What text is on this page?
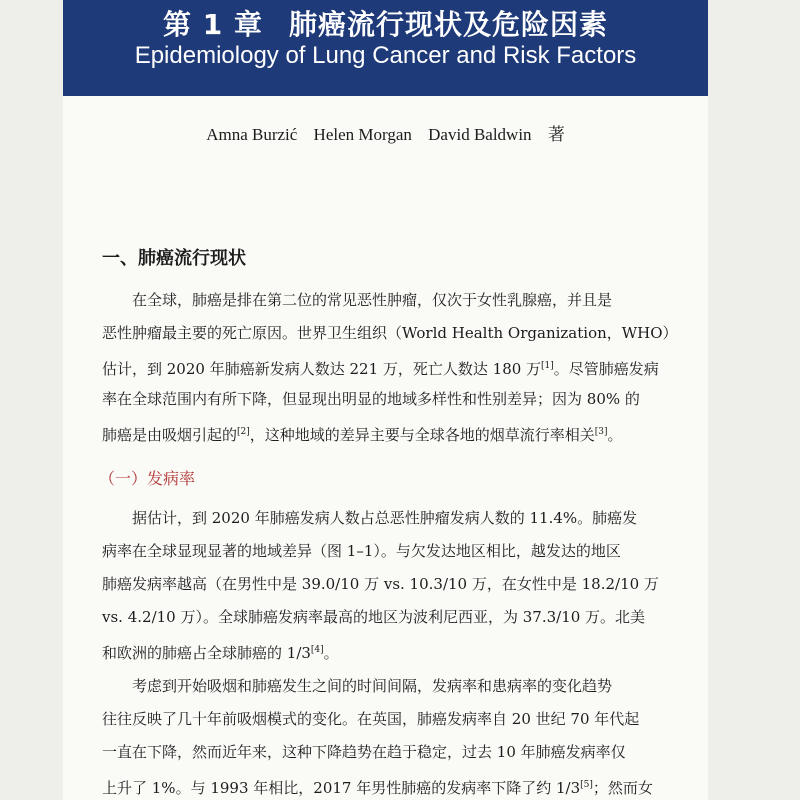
第 1 章 肺癌流行现状及危险因素
Epidemiology of Lung Cancer and Risk Factors
Amna Burzić Helen Morgan David Baldwin 著
一、肺癌流行现状
在全球，肺癌是排在第二位的常见恶性肿瘤，仅次于女性乳腺癌，并且是
恶性肿瘤最主要的死亡原因。世界卫生组织（World Health Organization，WHO）
估计，到 2020 年肺癌新发病人数达 221 万，死亡人数达 180 万[1]。尽管肺癌发病
率在全球范围内有所下降，但显现出明显的地域多样性和性别差异；因为 80% 的
肺癌是由吸烟引起的[2]，这种地域的差异主要与全球各地的烟草流行率相关[3]。
（一）发病率
据估计，到 2020 年肺癌发病人数占总恶性肿瘤发病人数的 11.4%。肺癌发
病率在全球显现显著的地域差异（图 1–1）。与欠发达地区相比，越发达的地区
肺癌发病率越高（在男性中是 39.0/10 万 vs. 10.3/10 万，在女性中是 18.2/10 万
vs. 4.2/10 万）。全球肺癌发病率最高的地区为波利尼西亚，为 37.3/10 万。北美
和欧洲的肺癌占全球肺癌的 1/3[4]。
考虑到开始吸烟和肺癌发生之间的时间间隔，发病率和患病率的变化趋势
往往反映了几十年前吸烟模式的变化。在英国，肺癌发病率自 20 世纪 70 年代起
一直在下降，然而近年来，这种下降趋势在趋于稳定，过去 10 年肺癌发病率仅
上升了 1%。与 1993 年相比，2017 年男性肺癌的发病率下降了约 1/3[5]；然而女
